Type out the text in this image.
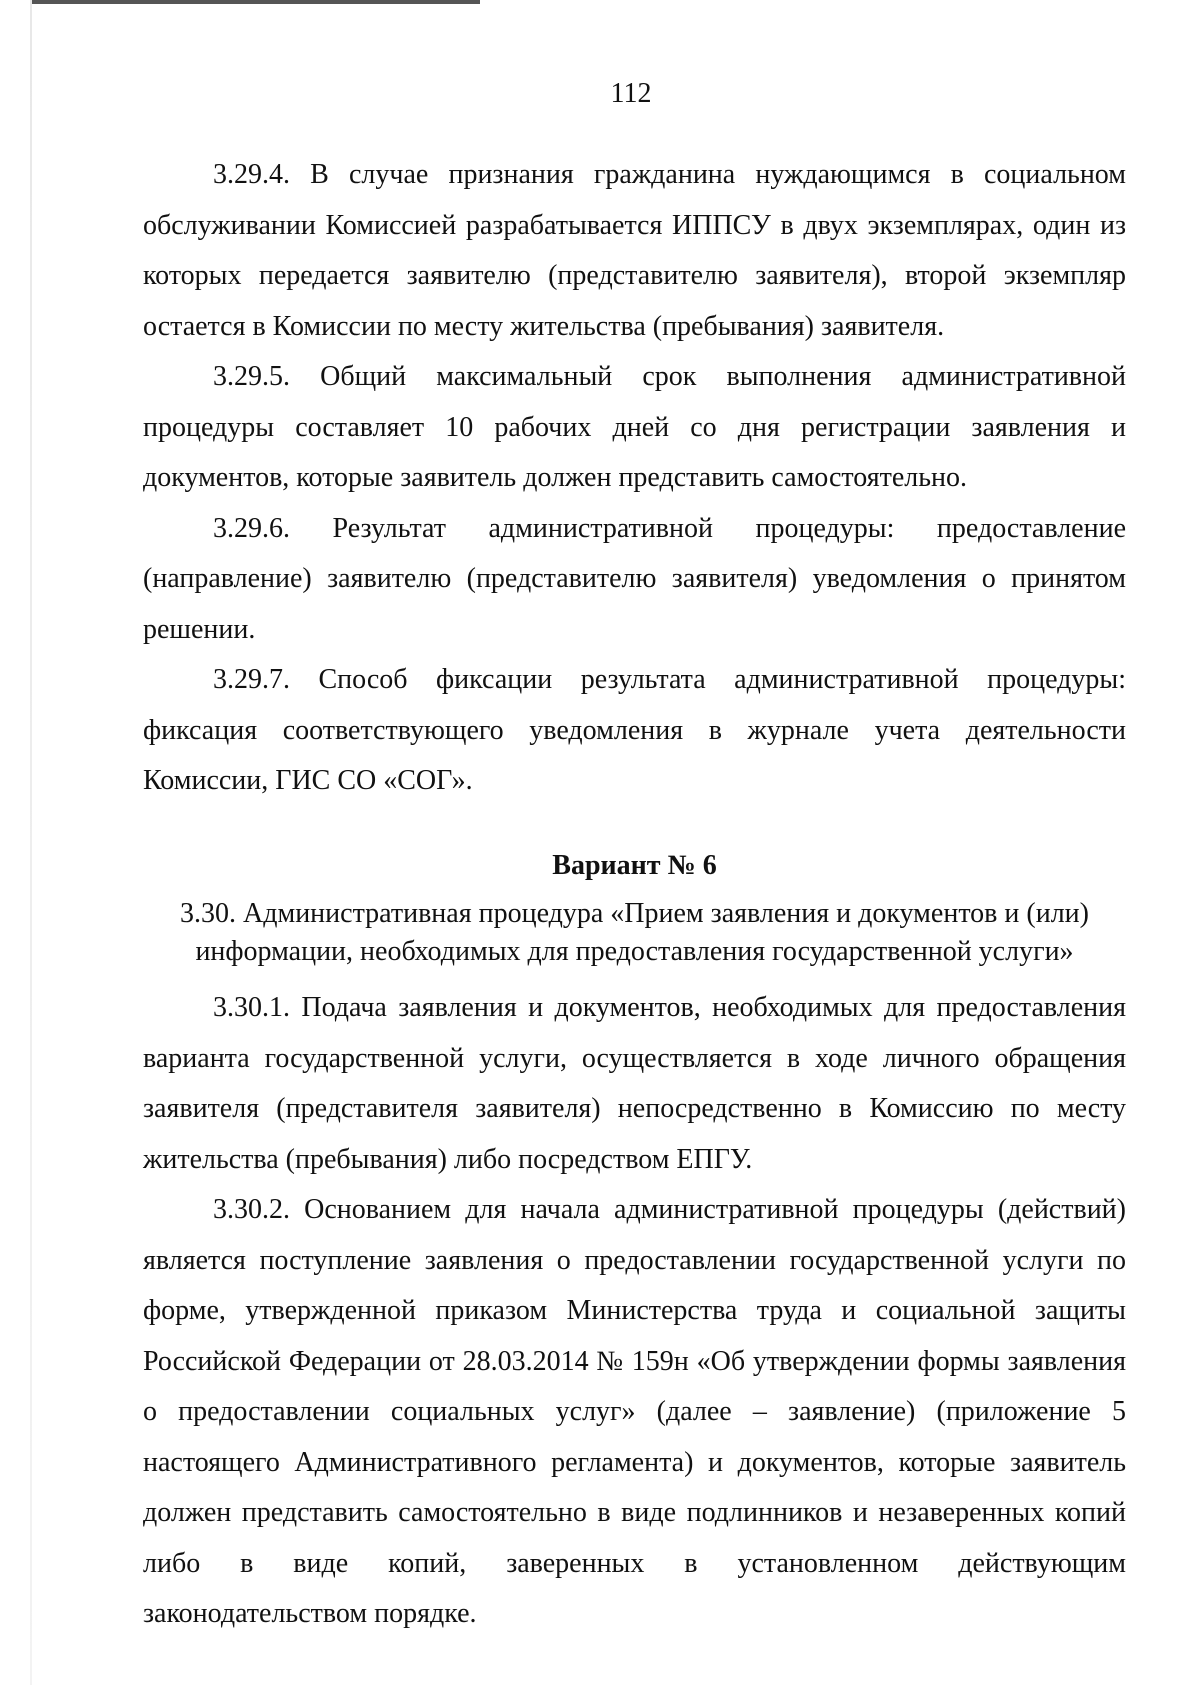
112

3.29.4. В случае признания гражданина нуждающимся в социальном обслуживании Комиссией разрабатывается ИППСУ в двух экземплярах, один из которых передается заявителю (представителю заявителя), второй экземпляр остается в Комиссии по месту жительства (пребывания) заявителя.

3.29.5. Общий максимальный срок выполнения административной процедуры составляет 10 рабочих дней со дня регистрации заявления и документов, которые заявитель должен представить самостоятельно.

3.29.6. Результат административной процедуры: предоставление (направление) заявителю (представителю заявителя) уведомления о принятом решении.

3.29.7. Способ фиксации результата административной процедуры: фиксация соответствующего уведомления в журнале учета деятельности Комиссии, ГИС СО «СОГ».

Вариант № 6

3.30. Административная процедура «Прием заявления и документов и (или) информации, необходимых для предоставления государственной услуги»

3.30.1. Подача заявления и документов, необходимых для предоставления варианта государственной услуги, осуществляется в ходе личного обращения заявителя (представителя заявителя) непосредственно в Комиссию по месту жительства (пребывания) либо посредством ЕПГУ.

3.30.2. Основанием для начала административной процедуры (действий) является поступление заявления о предоставлении государственной услуги по форме, утвержденной приказом Министерства труда и социальной защиты Российской Федерации от 28.03.2014 № 159н «Об утверждении формы заявления о предоставлении социальных услуг» (далее – заявление) (приложение 5 настоящего Административного регламента) и документов, которые заявитель должен представить самостоятельно в виде подлинников и незаверенных копий либо в виде копий, заверенных в установленном действующим законодательством порядке.
